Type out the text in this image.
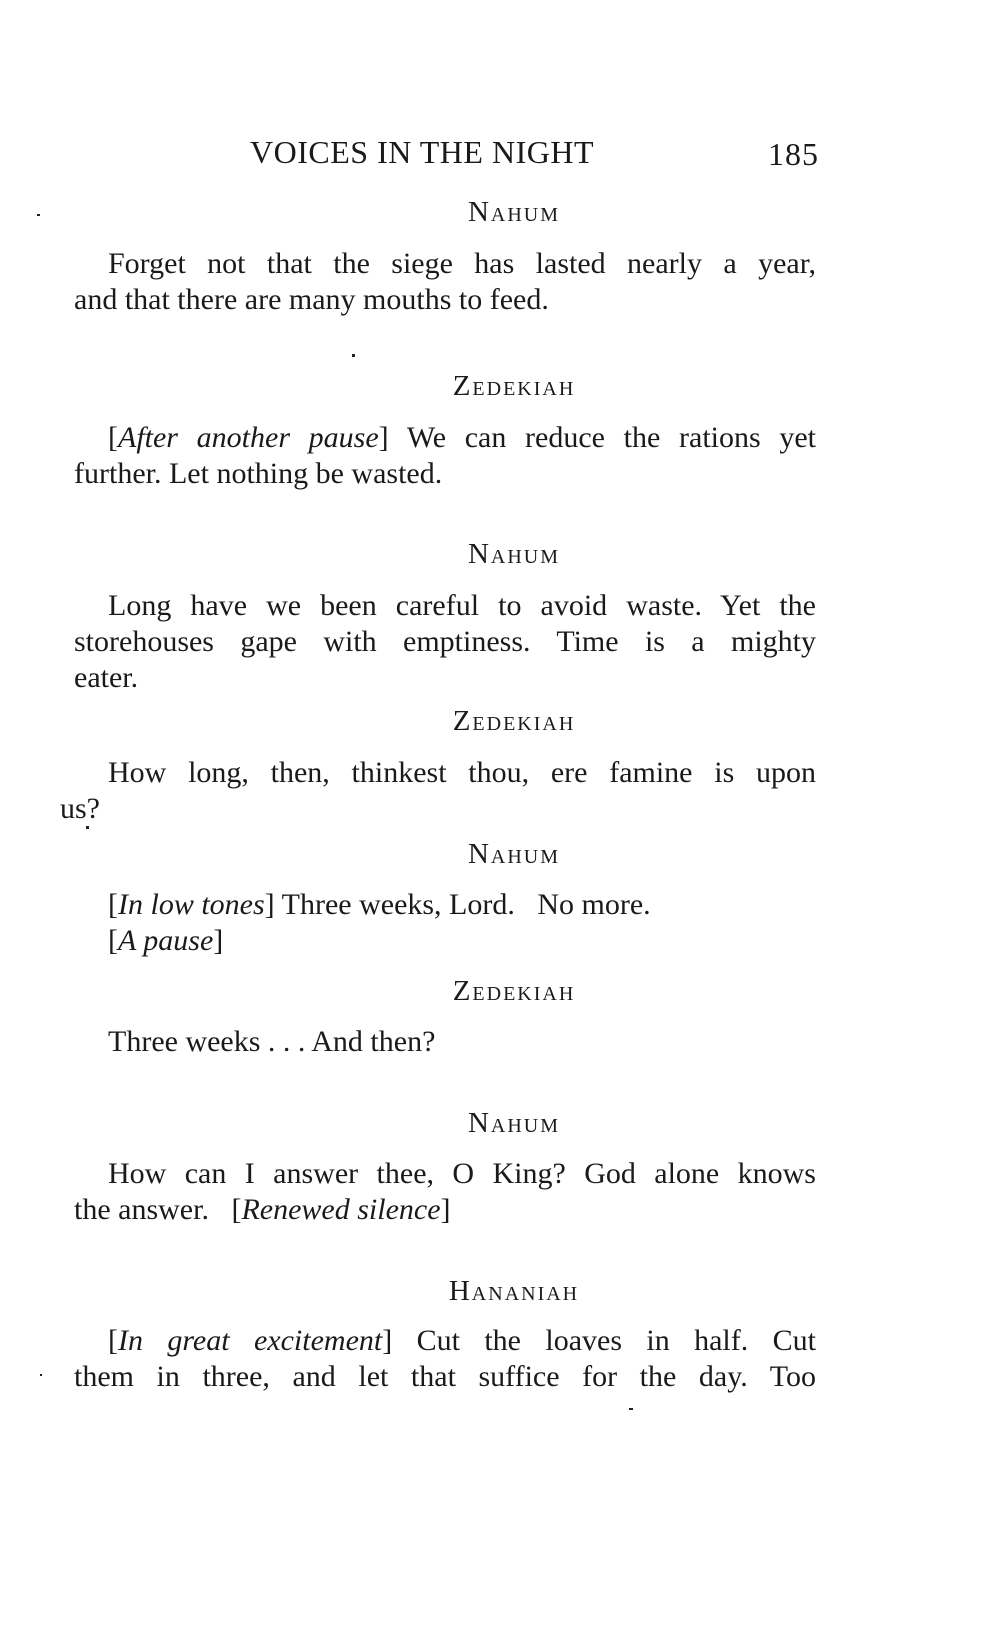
VOICES IN THE NIGHT	185
Nahum
Forget not that the siege has lasted nearly a year,
and that there are many mouths to feed.
Zedekiah
[After another pause] We can reduce the rations yet
further. Let nothing be wasted.
Nahum
Long have we been careful to avoid waste. Yet the
storehouses gape with emptiness. Time is a mighty
eater.
Zedekiah
How long, then, thinkest thou, ere famine is upon
us?
Nahum
[In low tones] Three weeks, Lord.   No more.
[A pause]
Zedekiah
Three weeks . . . And then?
Nahum
How can I answer thee, O King? God alone knows
the answer. [Renewed silence]
Hananiah
[In great excitement] Cut the loaves in half. Cut
them in three, and let that suffice for the day. Too
